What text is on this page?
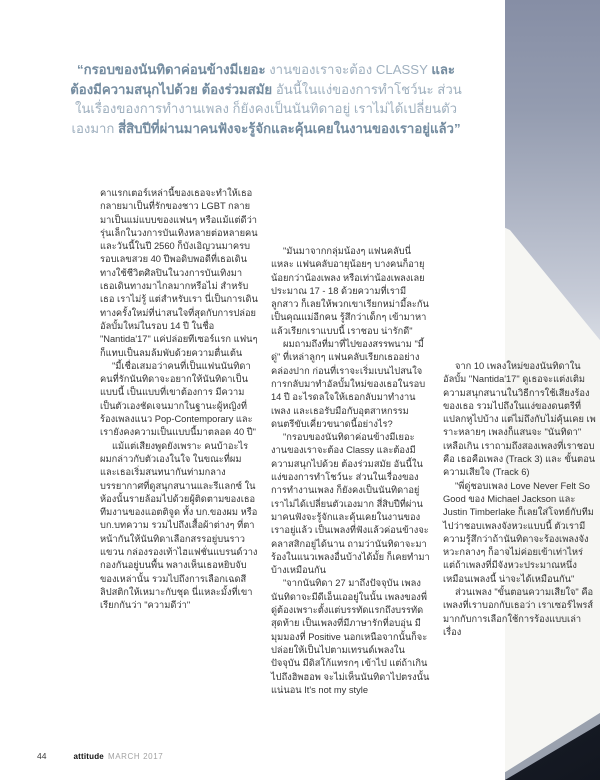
“กรอบของนันทิดาค่อนข้างมีเยอะ งานของเราจะต้อง CLASSY และต้องมีความสนุกไปด้วย ต้องร่วมสมัย อันนี้ในแง่ของการทำโชว์นะ ส่วนในเรื่องของการทำงานเพลง ก็ยังคงเป็นนันทิดาอยู่ เราไม่ได้เปลี่ยนตัวเองมาก สี่สิบปีที่ผ่านมาคนฟังจะรู้จักและคุ้นเคยในงานของเราอยู่แล้ว”

คาแรกเตอร์เหล่านี้ของเธอจะทำให้เธอกลายมาเป็นที่รักของชาว LGBT กลายมาเป็นแม่แบบของแฟนๆ หรือแม้แต่ดีว่ารุ่นเล็กในวงการบันเทิงหลายต่อหลายคน และวันนี้ในปี 2560 ก็บังเอิญวนมาครบรอบเลขสวย 40 ปีพอดิบพอดีที่เธอเดินทางใช้ชีวิตศิลปินในวงการบันเทิงมา เธอเดินทางมาไกลมากหรือไม่ สำหรับเธอ เราไม่รู้ แต่สำหรับเรา นี่เป็นการเดินทางครั้งใหม่ที่น่าสนใจที่สุดกับการปล่อยอัลบั้มใหม่ในรอบ 14 ปี ในชื่อ "Nantida'17" แค่ปล่อยทีเซอร์แรก แฟนๆ ก็แทบเป็นลมล้มพับด้วยความตื่นเต้น

"มี้เชื่อเสมอว่าคนที่เป็นแฟนนันทิดา คนที่รักนันทิดาจะอยากให้นันทิดาเป็นแบบนี้ เป็นแบบที่เขาต้องการ มีความเป็นตัวเองชัดเจนมากในฐานะผู้หญิงที่ร้องเพลงแนว Pop-Contemporary และเรายังคงความเป็นแบบนี้มาตลอด 40 ปี"

แม้แต่เสียงพูดยังเพราะ คนบ้าอะไร ผมกล่าวกับตัวเองในใจ ในขณะที่ผมและเธอเริ่มสนทนากันท่ามกลางบรรยากาศที่ดูสนุกสนานและรีแลกซ์ ในห้องนั้นรายล้อมไปด้วยผู้ติดตามของเธอ ทีมงานของแอตติจูด ทั้ง บก.ของผม หรือบก.บทความ รวมไปถึงเสื้อผ้าต่างๆ ที่ตาหน้ากันให้นันทิดาเลือกสรรอยู่บนราวแขวน กล่องรองเท้าไฮแฟชั่นแบรนด์วางกองกันอยู่บนพื้น พลางเห็นเธอหยิบจับของเหล่านั้น รวมไปถึงการเลือกเฉดสีลิปสติกให้เหมาะกับชุด นี่แหละมั้งที่เขาเรียกกันว่า "ความดีว่า"

"มันมาจากกลุ่มน้องๆ แฟนคลับนี่แหละ แฟนคลับอายุน้อยๆ บางคนก็อายุน้อยกว่าน้องเพลง หรือเท่าน้องเพลงเลย ประมาณ 17 - 18 ด้วยความที่เรามีลูกสาว ก็เลยให้พวกเขาเรียกหม่ามี้ละกัน เป็นคุณแม่อีกคน รู้สึกว่าเด็กๆ เข้ามาหาแล้วเรียกเราแบบนี้ เราชอบ น่ารักดี"

ผมถามถึงที่มาที่ไปของสรรพนาม "มี้ดู่" ที่เหล่าลูกๆ แฟนคลับเรียกเธออย่างคล่องปาก ก่อนที่เราจะเริ่มเบนไปสนใจการกลับมาทำอัลบั้มใหม่ของเธอในรอบ 14 ปี อะไรดลใจให้เธอกลับมาทำงานเพลง และเธอรับมือกับอุตสาหกรรมดนตรีขับเคี่ยวขนาดนี้อย่างไร?

"กรอบของนันทิดาค่อนข้างมีเยอะ งานของเราจะต้อง Classy และต้องมีความสนุกไปด้วย ต้องร่วมสมัย อันนี้ในแง่ของการทำโชว์นะ ส่วนในเรื่องของการทำงานเพลง ก็ยังคงเป็นนันทิดาอยู่ เราไม่ได้เปลี่ยนตัวเองมาก สี่สิบปีที่ผ่านมาคนฟังจะรู้จักและคุ้นเคยในงานของเราอยู่แล้ว เป็นเพลงที่ฟังแล้วค่อนข้างจะคลาสสิกอยู่ได้นาน ถามว่านันทิดาจะมาร้องในแนวเพลงอื่นบ้างได้มั้ย ก็เคยทำมาบ้างเหมือนกัน

"จากนันทิดา 27 มาถึงปัจจุบัน เพลงนันทิดาจะมีดีเอ็นเออยู่ในนั้น เพลงของพี่ดู่ต้องเพราะตั้งแต่บรรทัดแรกถึงบรรทัดสุดท้าย เป็นเพลงที่มีภาษารักที่อบอุ่น มีมุมมองที่ Positive นอกเหนือจากนั้นก็จะปล่อยให้เป็นไปตามเทรนด์เพลงในปัจจุบัน มีดิสโก้แทรกๆ เข้าไป แต่ถ้าเกินไปถึงฮิพฮอพ จะไม่เห็นนันทิดาไปตรงนั้นแน่นอน It's not my style

จาก 10 เพลงใหม่ของนันทิดาในอัลบั้ม "Nantida'17" ดูเธอจะแต่งเติมความสนุกสนานในวิธีการใช้เสียงร้องของเธอ รวมไปถึงในแง่ของดนตรีที่แปลกหูไปบ้าง แต่ไม่ถึงกับไม่คุ้นเคย เพราะหลายๆ เพลงก็แสนจะ "นันทิดา" เหลือเกิน เราถามถึงสองเพลงที่เราชอบคือ เธอคือเพลง (Track 3) และ ขั้นตอนความเสียใจ (Track 6)

"พี่ดู่ชอบเพลง Love Never Felt So Good ของ Michael Jackson และ Justin Timberlake ก็เลยใส่โจทย์กับทีมไปว่าชอบเพลงจังหวะแบบนี้ ตัวเรามีความรู้สึกว่าถ้านันทิดาจะร้องเพลงจังหวะกลางๆ ก็อาจไม่ค่อยเข้าเท่าไหร่ แต่ถ้าเพลงที่มีจังหวะประมาณหนึ่งเหมือนเพลงนี้ น่าจะได้เหมือนกัน"

ส่วนเพลง "ขั้นตอนความเสียใจ" คือเพลงที่เราบอกกับเธอว่า เราเซอร์ไพรส์มากกับการเลือกใช้การร้องแบบเล่าเรื่อง

44	attitude MARCH 2017
